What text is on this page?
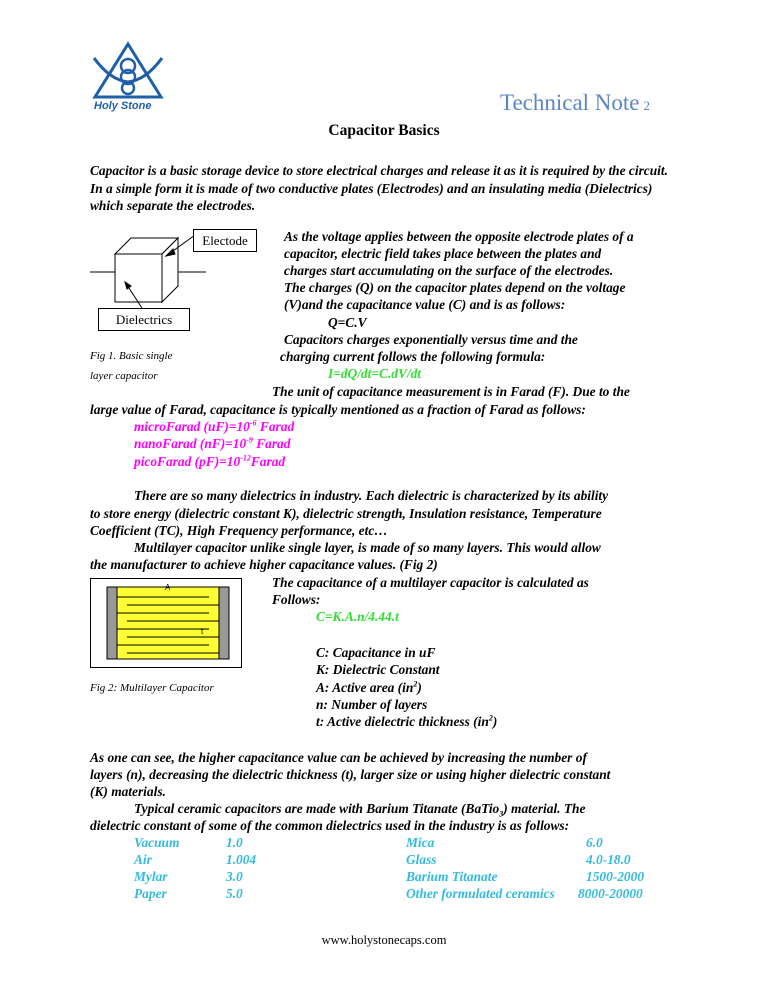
Holy Stone	Technical Note 2
Capacitor Basics
Capacitor is a basic storage device to store electrical charges and release it as it is required by the circuit. In a simple form it is made of two conductive plates (Electrodes) and an insulating media (Dielectrics) which separate the electrodes.
Electode
Dielectrics
Fig 1. Basic single
layer capacitor
As the voltage applies between the opposite electrode plates of a
capacitor, electric field takes place between the plates and
charges start accumulating on the surface of the electrodes.
The charges (Q) on the capacitor plates depend on the voltage
(V)and the capacitance value (C) and is as follows:
Q=C.V
Capacitors charges exponentially versus time and the
charging current follows the following formula:
I=dQ/dt=C.dV/dt
The unit of capacitance measurement is in Farad (F). Due to the
large value of Farad, capacitance is typically mentioned as a fraction of Farad as follows:
microFarad $(uF)=10^{-6}$ Farad
nanoFarad $(nF)=10^{-9}$ Farad
picoFarad $(pF)=10^{-12}Farad$
There are so many dielectrics in industry. Each dielectric is characterized by its ability
to store energy (dielectric constant K), dielectric strength, Insulation resistance, Temperature
Coefficient (TC), High Frequency performance, etc…
Multilayer capacitor unlike single layer, is made of so many layers. This would allow
the manufacturer to achieve higher capacitance values. (Fig 2)
A
t
Fig 2: Multilayer Capacitor
The capacitance of a multilayer capacitor is calculated as
Follows:
C=K.A.n/4.44.t
C: Capacitance in uF
K: Dielectric Constant
A: Active area $(in^2)$
n: Number of layers
t: Active dielectric thickness $(in^2)$
As one can see, the higher capacitance value can be achieved by increasing the number of
layers (n), decreasing the dielectric thickness (t), larger size or using higher dielectric constant
(K) materials.
Typical ceramic capacitors are made with Barium Titanate (BaTio$_3$) material. The
dielectric constant of some of the common dielectrics used in the industry is as follows:
Vacuum	1.0	Mica	6.0
Air	1.004	Glass	4.0-18.0
Mylar	3.0	Barium Titanate	1500-2000
Paper	5.0	Other formulated ceramics 8000-20000
www.holystonecaps.com
